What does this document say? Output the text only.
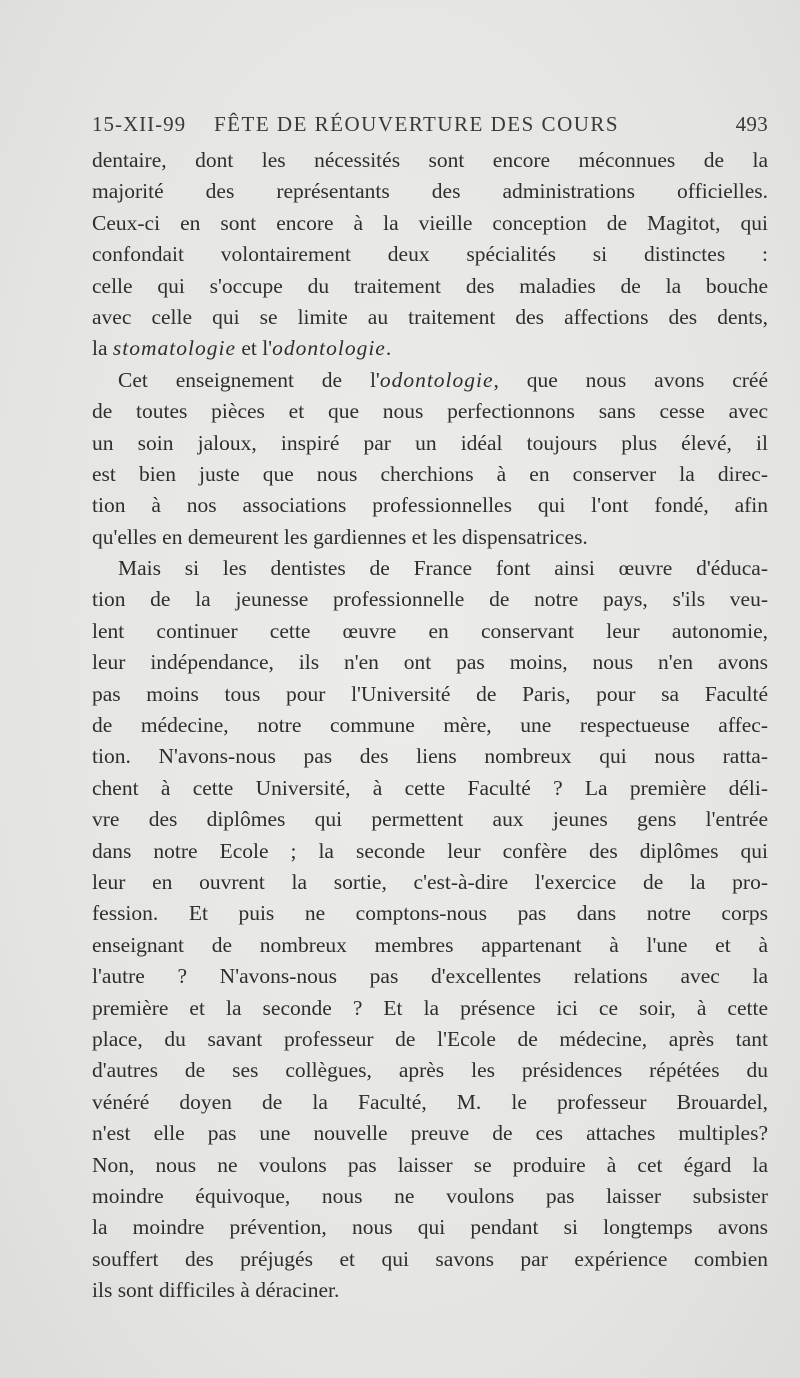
15-XII-99 FÊTE DE RÉOUVERTURE DES COURS	493
dentaire, dont les nécessités sont encore méconnues de la
majorité des représentants des administrations officielles.
Ceux-ci en sont encore à la vieille conception de Magitot, qui
confondait volontairement deux spécialités si distinctes :
celle qui s'occupe du traitement des maladies de la bouche
avec celle qui se limite au traitement des affections des dents,
la stomatologie et l'odontologie.
Cet enseignement de l'odontologie, que nous avons créé
de toutes pièces et que nous perfectionnons sans cesse avec
un soin jaloux, inspiré par un idéal toujours plus élevé, il
est bien juste que nous cherchions à en conserver la direc-
tion à nos associations professionnelles qui l'ont fondé, afin
qu'elles en demeurent les gardiennes et les dispensatrices.
Mais si les dentistes de France font ainsi œuvre d'éduca-
tion de la jeunesse professionnelle de notre pays, s'ils veu-
lent continuer cette œuvre en conservant leur autonomie,
leur indépendance, ils n'en ont pas moins, nous n'en avons
pas moins tous pour l'Université de Paris, pour sa Faculté
de médecine, notre commune mère, une respectueuse affec-
tion. N'avons-nous pas des liens nombreux qui nous ratta-
chent à cette Université, à cette Faculté ? La première déli-
vre des diplômes qui permettent aux jeunes gens l'entrée
dans notre Ecole ; la seconde leur confère des diplômes qui
leur en ouvrent la sortie, c'est-à-dire l'exercice de la pro-
fession. Et puis ne comptons-nous pas dans notre corps
enseignant de nombreux membres appartenant à l'une et à
l'autre ? N'avons-nous pas d'excellentes relations avec la
première et la seconde ? Et la présence ici ce soir, à cette
place, du savant professeur de l'Ecole de médecine, après tant
d'autres de ses collègues, après les présidences répétées du
vénéré doyen de la Faculté, M. le professeur Brouardel,
n'est elle pas une nouvelle preuve de ces attaches multiples?
Non, nous ne voulons pas laisser se produire à cet égard la
moindre équivoque, nous ne voulons pas laisser subsister
la moindre prévention, nous qui pendant si longtemps avons
souffert des préjugés et qui savons par expérience combien
ils sont difficiles à déraciner.
